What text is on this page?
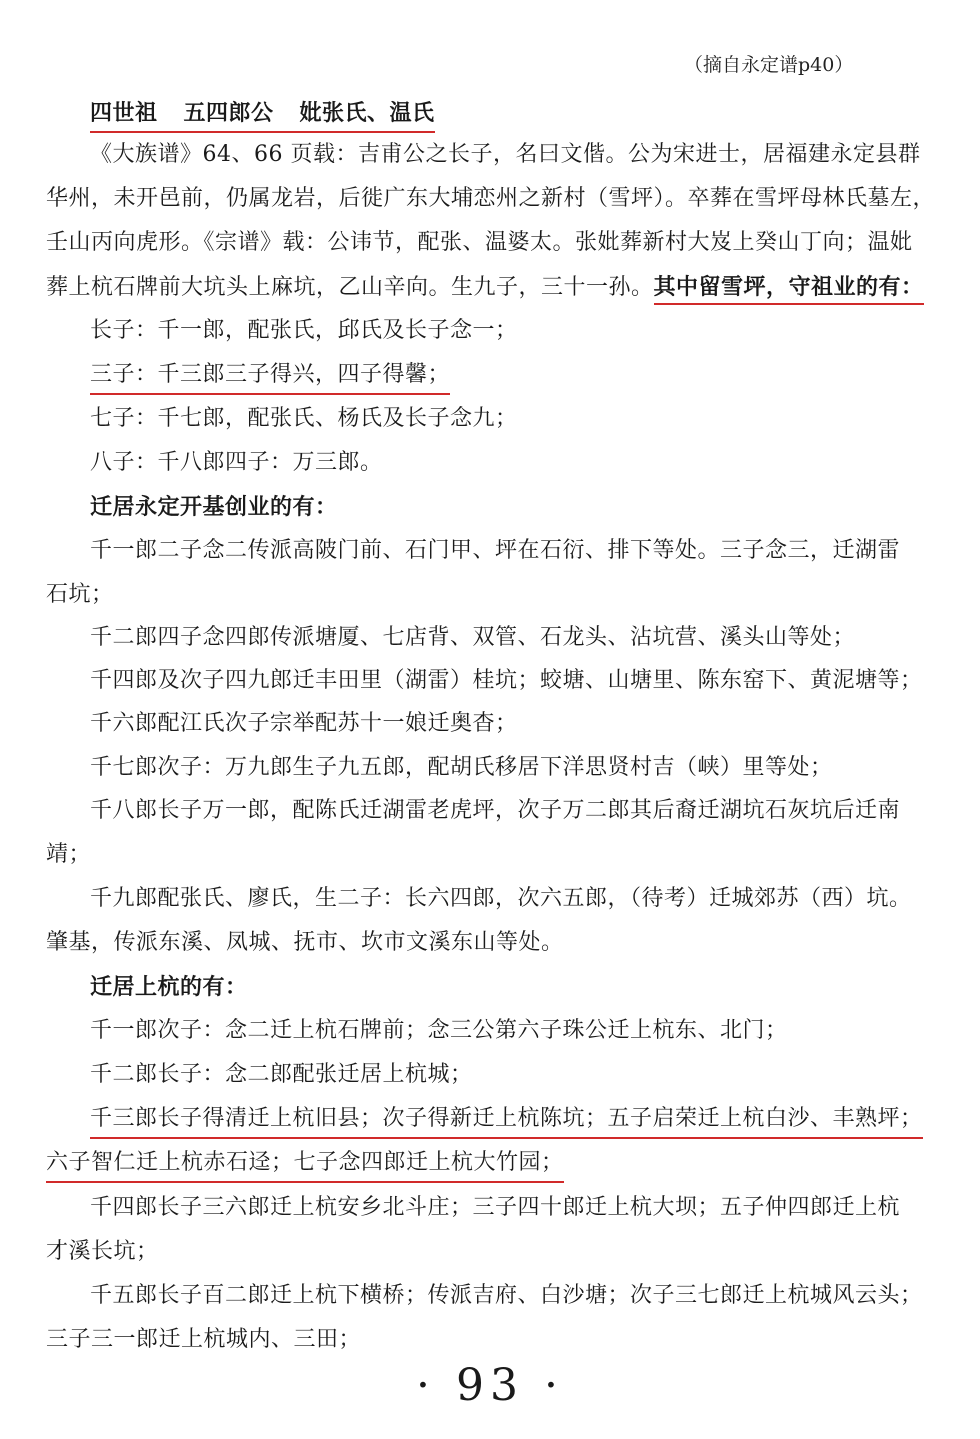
（摘自永定谱p40）
四世祖 五四郎公 妣张氏、温氏
《大族谱》64、66 页载：吉甫公之长子，名曰文偕。公为宋进士，居福建永定县群
华州，未开邑前，仍属龙岩，后徙广东大埔恋州之新村（雪坪）。卒葬在雪坪母林氏墓左，
壬山丙向虎形。《宗谱》载：公讳节，配张、温婆太。张妣葬新村大岌上癸山丁向；温妣
葬上杭石牌前大坑头上麻坑，乙山辛向。生九子，三十一孙。其中留雪坪，守祖业的有：
长子：千一郎，配张氏，邱氏及长子念一；
三子：千三郎三子得兴，四子得馨；
七子：千七郎，配张氏、杨氏及长子念九；
八子：千八郎四子：万三郎。
迁居永定开基创业的有：
千一郎二子念二传派高陂门前、石门甲、坪在石衍、排下等处。三子念三，迁湖雷
石坑；
千二郎四子念四郎传派塘厦、七店背、双管、石龙头、沾坑营、溪头山等处；
千四郎及次子四九郎迁丰田里（湖雷）桂坑；蛟塘、山塘里、陈东窑下、黄泥塘等；
千六郎配江氏次子宗举配苏十一娘迁奥杳；
千七郎次子：万九郎生子九五郎，配胡氏移居下洋思贤村吉（峡）里等处；
千八郎长子万一郎，配陈氏迁湖雷老虎坪，次子万二郎其后裔迁湖坑石灰坑后迁南
靖；
千九郎配张氏、廖氏，生二子：长六四郎，次六五郎，（待考）迁城郊苏（西）坑。
肇基，传派东溪、凤城、抚市、坎市文溪东山等处。
迁居上杭的有：
千一郎次子：念二迁上杭石牌前；念三公第六子珠公迁上杭东、北门；
千二郎长子：念二郎配张迁居上杭城；
千三郎长子得清迁上杭旧县；次子得新迁上杭陈坑；五子启荣迁上杭白沙、丰熟坪；
六子智仁迁上杭赤石迳；七子念四郎迁上杭大竹园；
千四郎长子三六郎迁上杭安乡北斗庄；三子四十郎迁上杭大坝；五子仲四郎迁上杭
才溪长坑；
千五郎长子百二郎迁上杭下横桥；传派吉府、白沙塘；次子三七郎迁上杭城风云头；
三子三一郎迁上杭城内、三田；
· 93 ·
